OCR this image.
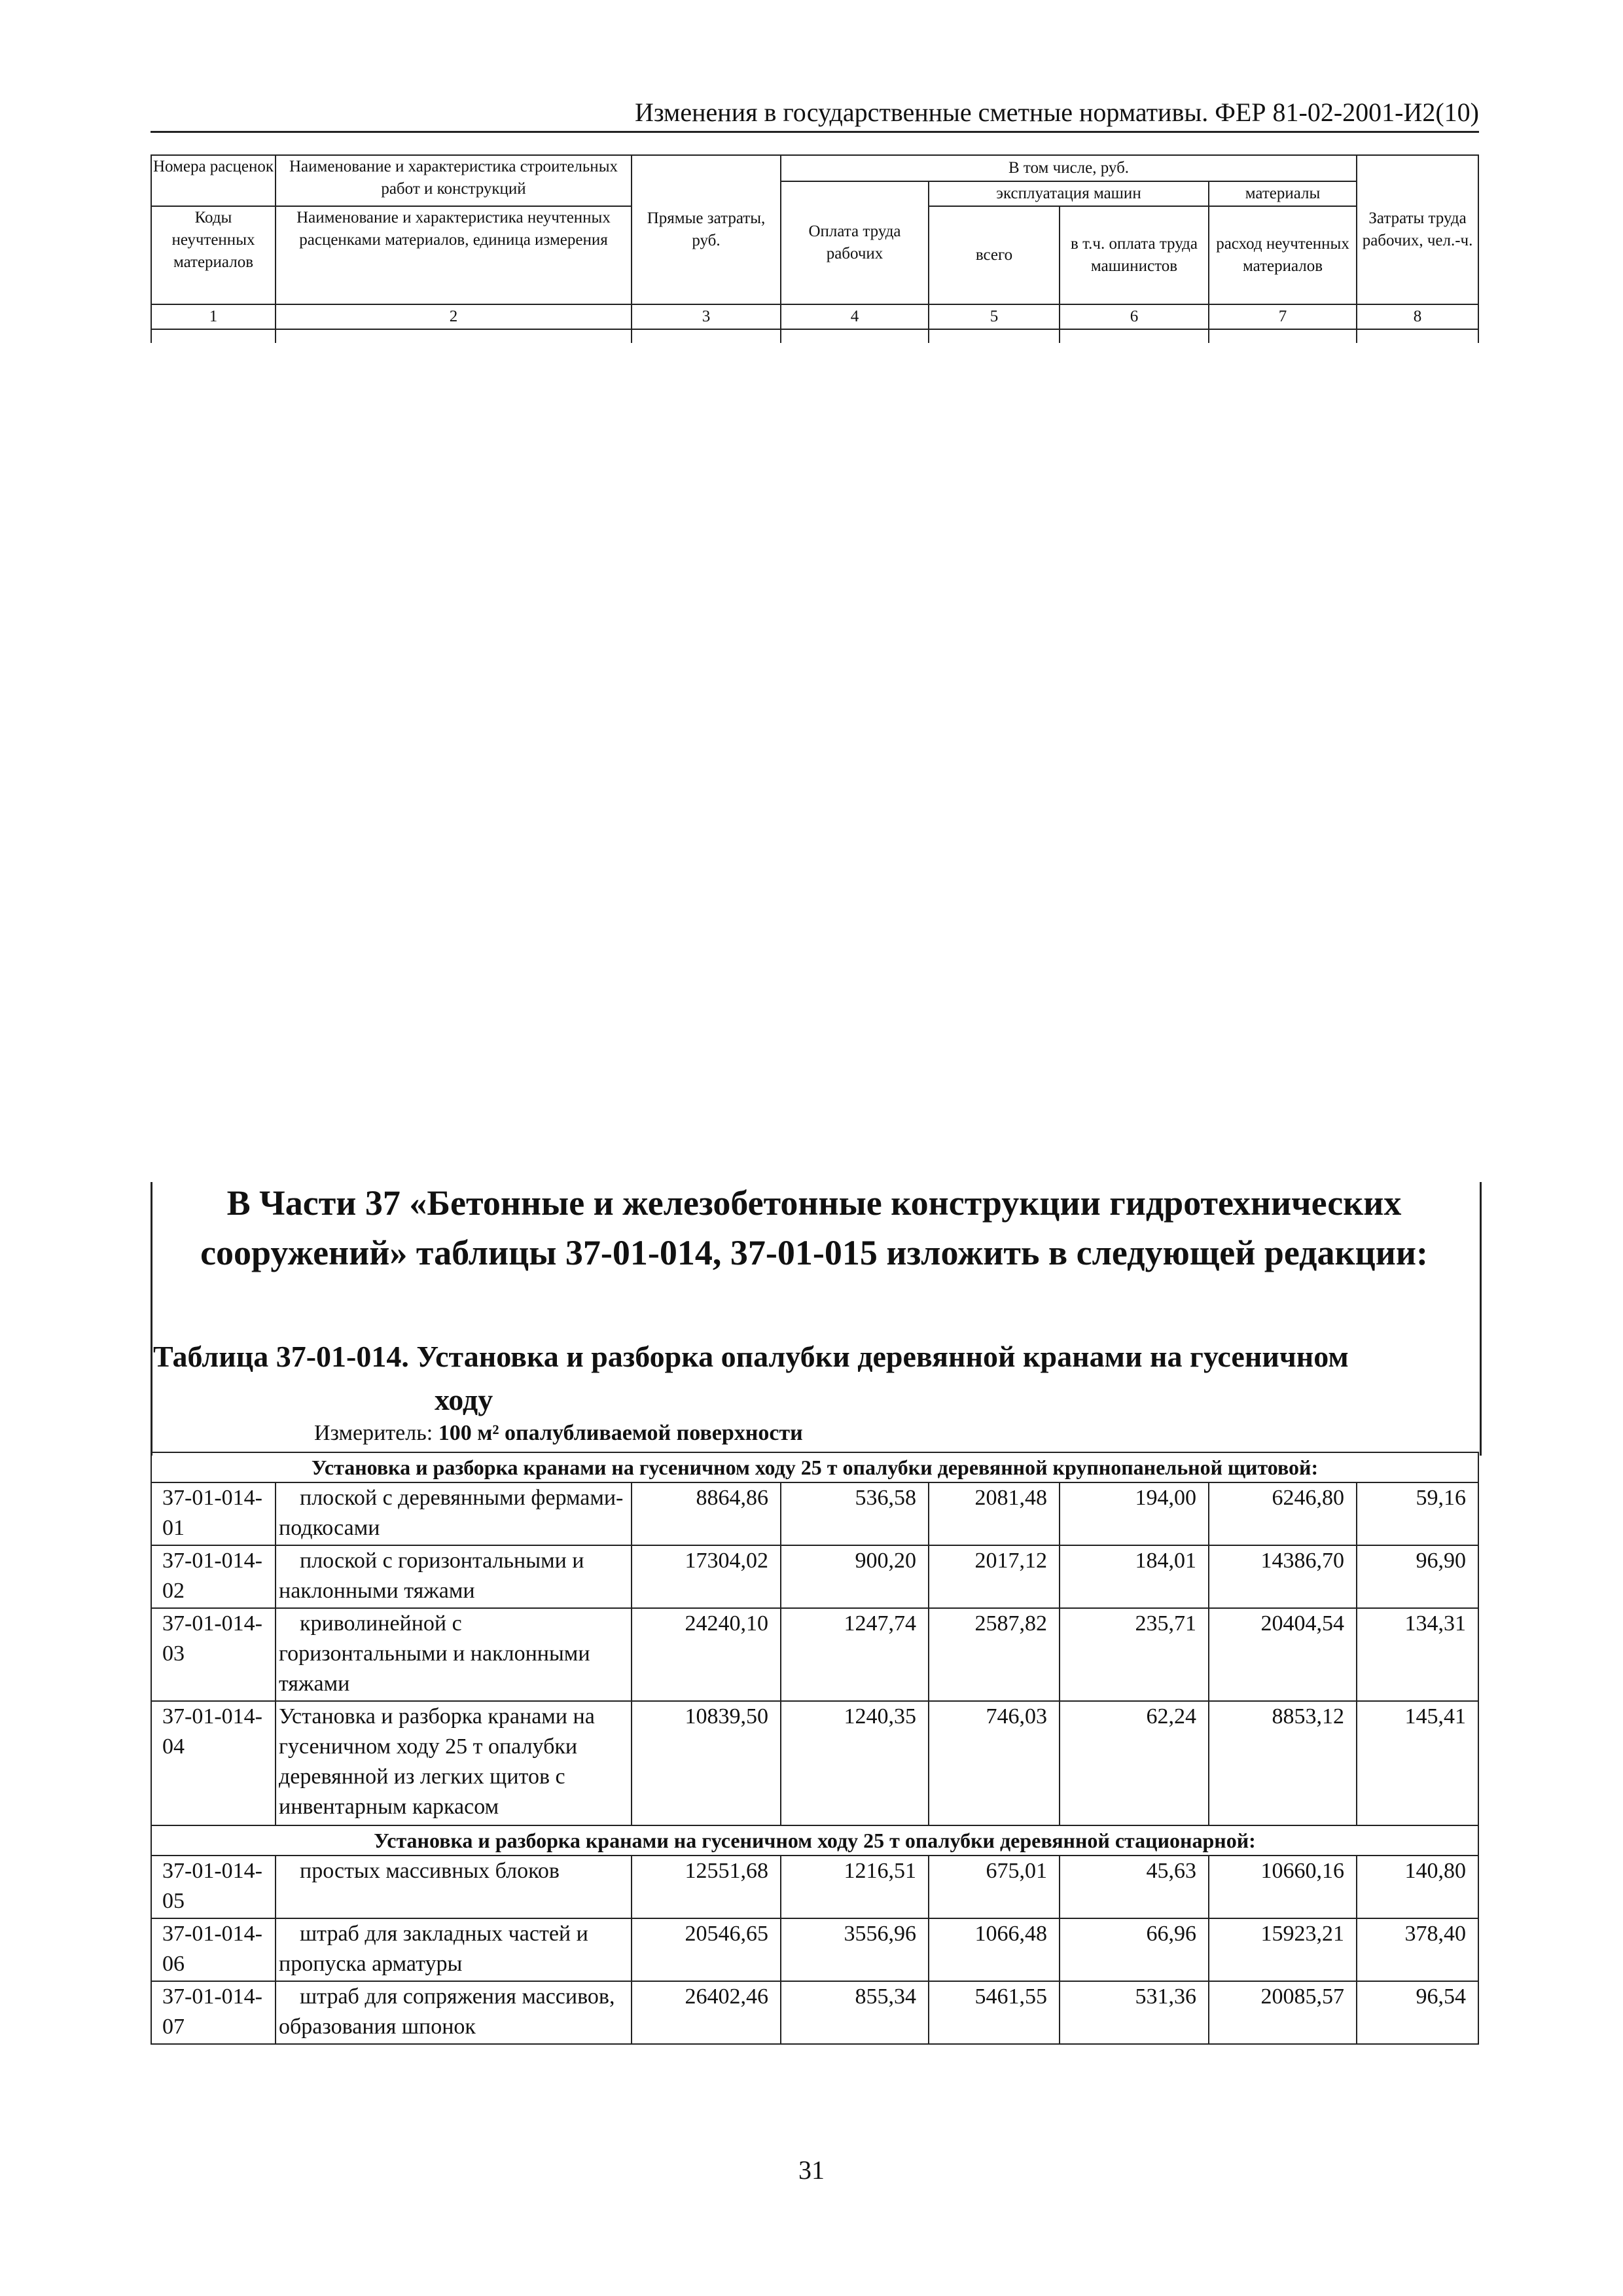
Изменения в государственные сметные нормативы. ФЕР 81-02-2001-И2(10)
Номера расценок	Наименование и характеристика строительных работ и конструкций	Прямые затраты, руб.	В том числе, руб.				Затраты труда рабочих, чел.-ч.
			Оплата труда рабочих	эксплуатация машин		материалы	
Коды неучтенных материалов	Наименование и характеристика неучтенных расценками материалов, единица измерения			всего	в т.ч. оплата труда машинистов	расход неучтенных материалов	

1	2	3	4	5	6	7	8

В Части 37 «Бетонные и железобетонные конструкции гидротехнических сооружений» таблицы 37-01-014, 37-01-015 изложить в следующей редакции:
Таблица 37-01-014. Установка и разборка опалубки деревянной кранами на гусеничном
ходу
Измеритель: 100 м² опалубливаемой поверхности
Установка и разборка кранами на гусеничном ходу 25 т опалубки деревянной крупнопанельной щитовой:							
37-01-014-01	плоской с деревянными фермами-подкосами	8864,86	536,58	2081,48	194,00	6246,80	59,16
37-01-014-02	плоской с горизонтальными и наклонными тяжами	17304,02	900,20	2017,12	184,01	14386,70	96,90
37-01-014-03	криволинейной с горизонтальными и наклонными тяжами	24240,10	1247,74	2587,82	235,71	20404,54	134,31
37-01-014-04	Установка и разборка кранами на гусеничном ходу 25 т опалубки деревянной из легких щитов с инвентарным каркасом	10839,50	1240,35	746,03	62,24	8853,12	145,41
Установка и разборка кранами на гусеничном ходу 25 т опалубки деревянной стационарной:							
37-01-014-05	простых массивных блоков	12551,68	1216,51	675,01	45,63	10660,16	140,80
37-01-014-06	штраб для закладных частей и пропуска арматуры	20546,65	3556,96	1066,48	66,96	15923,21	378,40
37-01-014-07	штраб для сопряжения массивов, образования шпонок	26402,46	855,34	5461,55	531,36	20085,57	96,54
31
